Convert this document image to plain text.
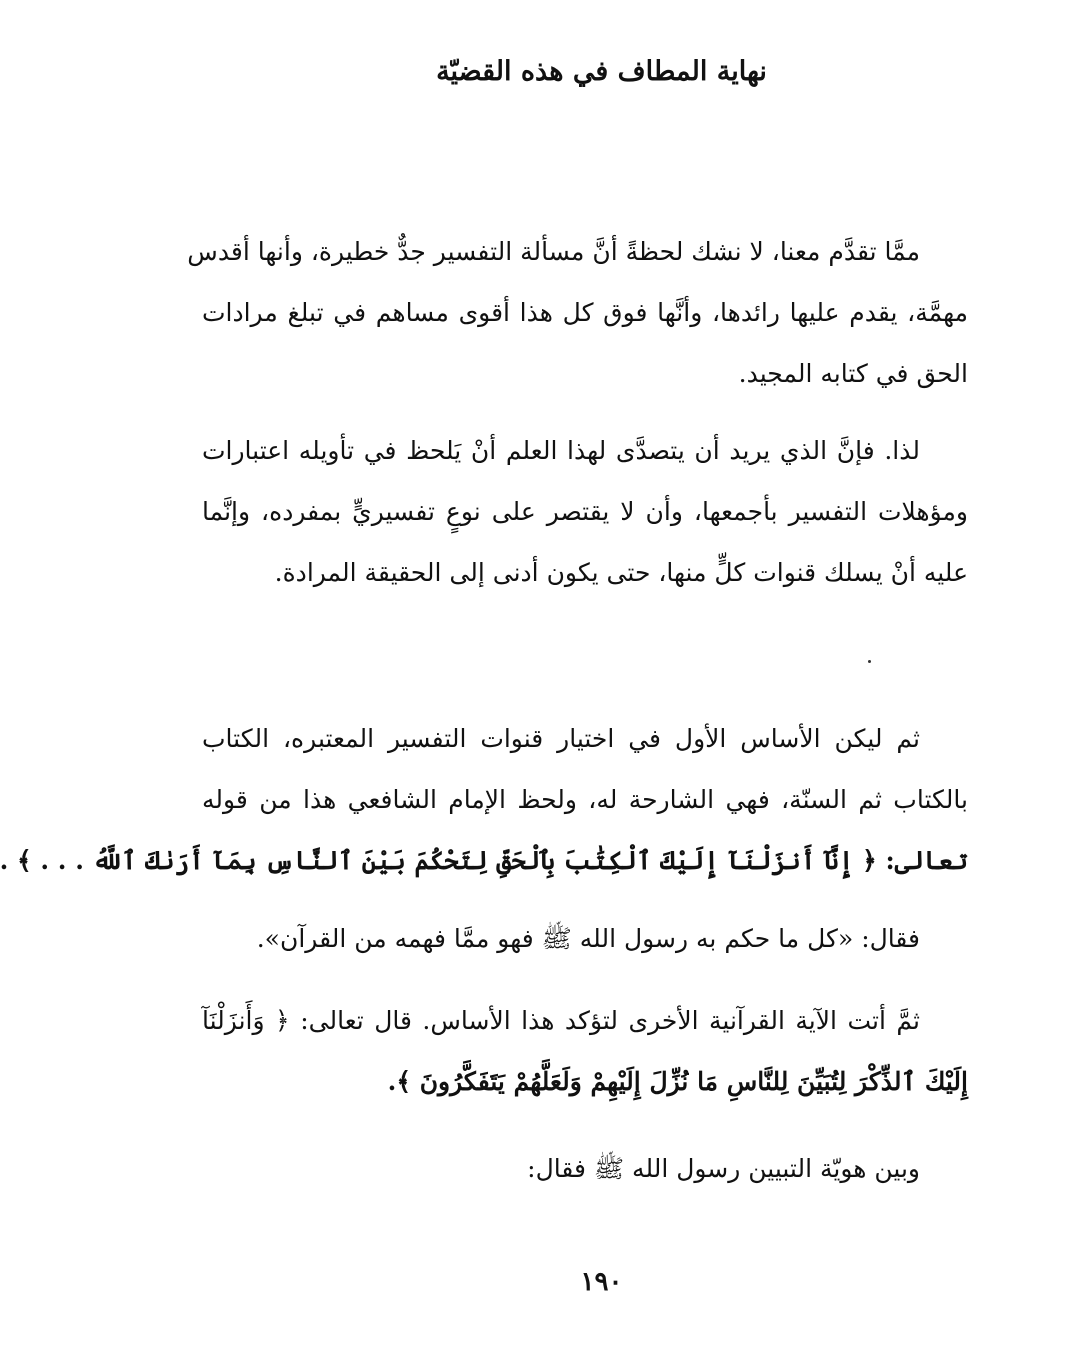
نهاية المطاف في هذه القضيّة
ممَّا تقدَّم معنا، لا نشك لحظةً أنَّ مسألة التفسير جدٌّ خطيرة، وأنها أقدس
مهمَّة، يقدم عليها رائدها، وأنَّها فوق كل هذا أقوى مساهم في تبلغ مرادات
الحق في كتابه المجيد.
لذا. فإنَّ الذي يريد أن يتصدَّى لهذا العلم أنْ يَلحظ في تأويله اعتبارات
ومؤهلات التفسير بأجمعها، وأن لا يقتصر على نوعٍ تفسيريٍّ بمفرده، وإنَّما
عليه أنْ يسلك قنوات كلٍّ منها، حتى يكون أدنى إلى الحقيقة المرادة.
ثم ليكن الأساس الأول في اختيار قنوات التفسير المعتبره، الكتاب
بالكتاب ثم السنّة، فهي الشارحة له، ولحظ الإمام الشافعي هذا من قوله
تعالى: ﴿ إِنَّآ أَنزَلْنَآ إِلَيْكَ ٱلْكِتَٰبَ بِٱلْحَقِّ لِتَحْكُمَ بَيْنَ ٱلنَّاسِ بِمَآ أَرَىٰكَ ٱللَّهُ . . . ﴾ .
فقال: «كل ما حكم به رسول الله ﷺ فهو ممَّا فهمه من القرآن».
ثمَّ أتت الآية القرآنية الأخرى لتؤكد هذا الأساس. قال تعالى: ﴿ وَأَنزَلْنَآ
إِلَيْكَ ٱلذِّكْرَ لِتُبَيِّنَ لِلنَّاسِ مَا نُزِّلَ إِلَيْهِمْ وَلَعَلَّهُمْ يَتَفَكَّرُونَ ﴾.
وبين هويّة التبيين رسول الله ﷺ فقال:
١٩٠
